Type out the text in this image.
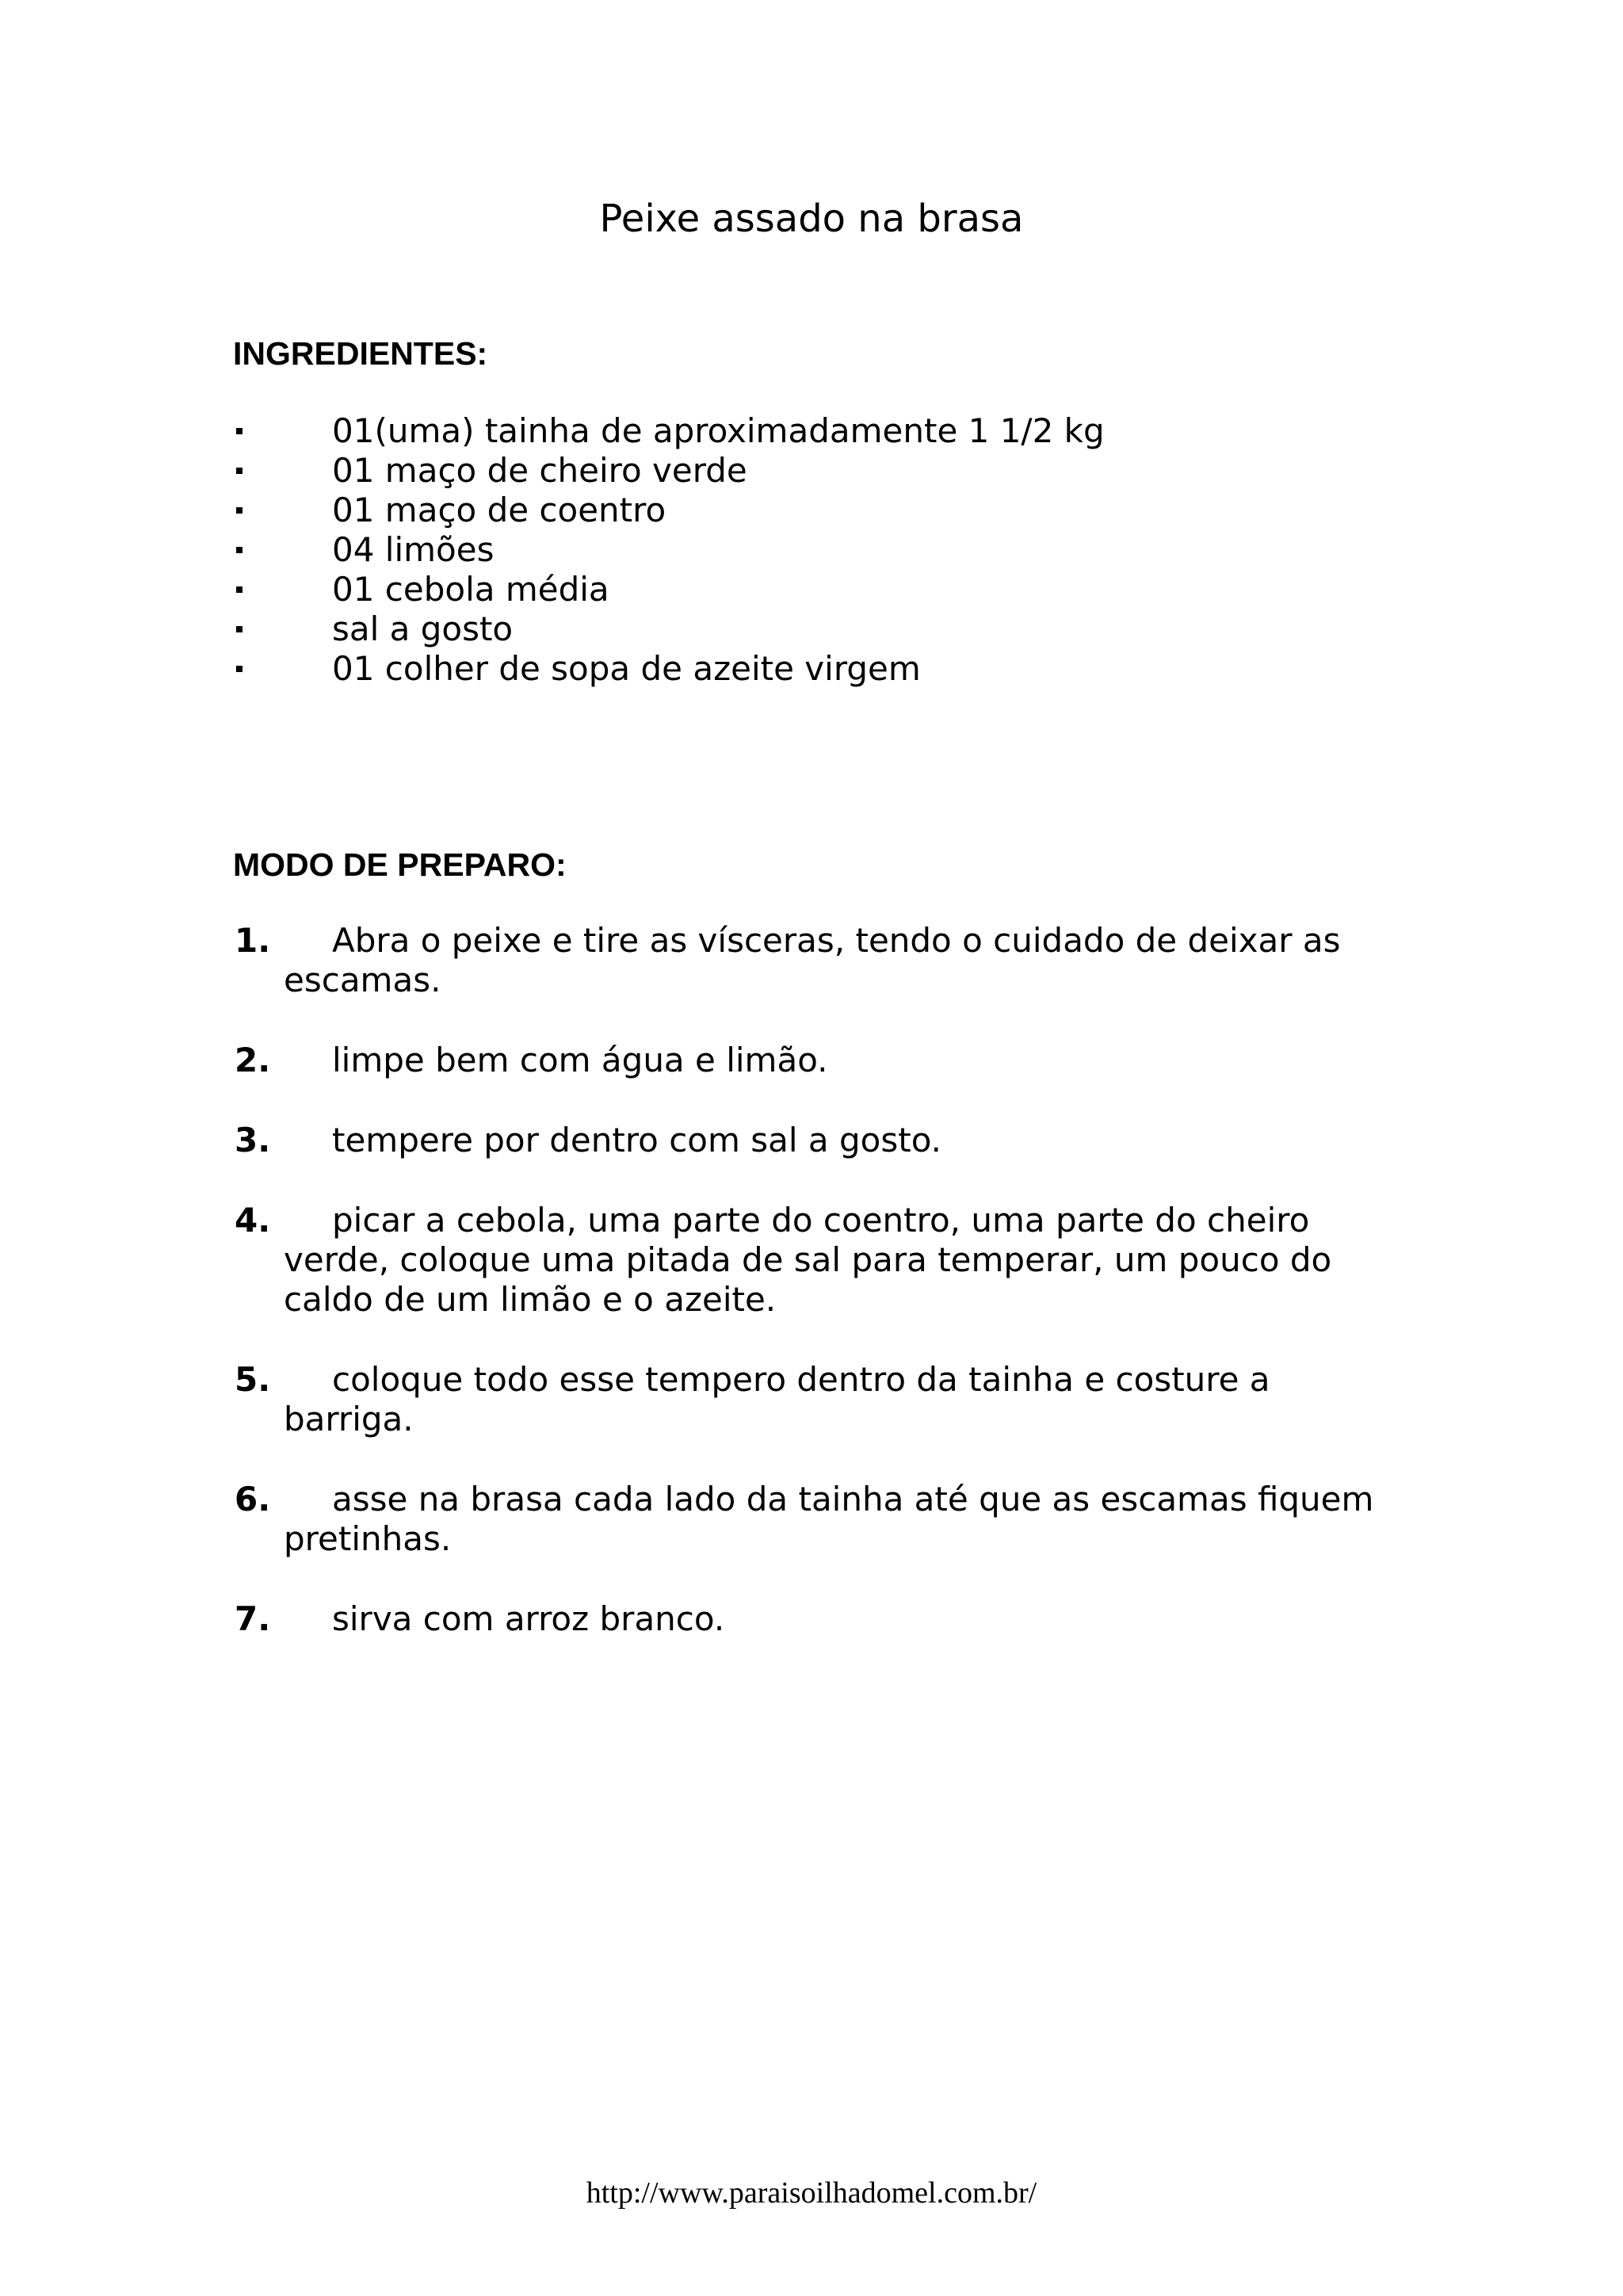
Peixe assado na brasa
INGREDIENTES:
01(uma) tainha de aproximadamente 1 1/2 kg
01 maço de cheiro verde
01 maço de coentro
04 limões
01 cebola média
sal a gosto
01 colher de sopa de azeite virgem
MODO DE PREPARO:
1. Abra o peixe e tire as vísceras, tendo o cuidado de deixar as escamas.
2. limpe bem com água e limão.
3. tempere por dentro com sal a gosto.
4. picar a cebola, uma parte do coentro, uma parte do cheiro verde, coloque uma pitada de sal para temperar, um pouco do caldo de um limão e o azeite.
5. coloque todo esse tempero dentro da tainha e costure a barriga.
6. asse na brasa cada lado da tainha até que as escamas fiquem pretinhas.
7. sirva com arroz branco.
http://www.paraisoilhadomel.com.br/
